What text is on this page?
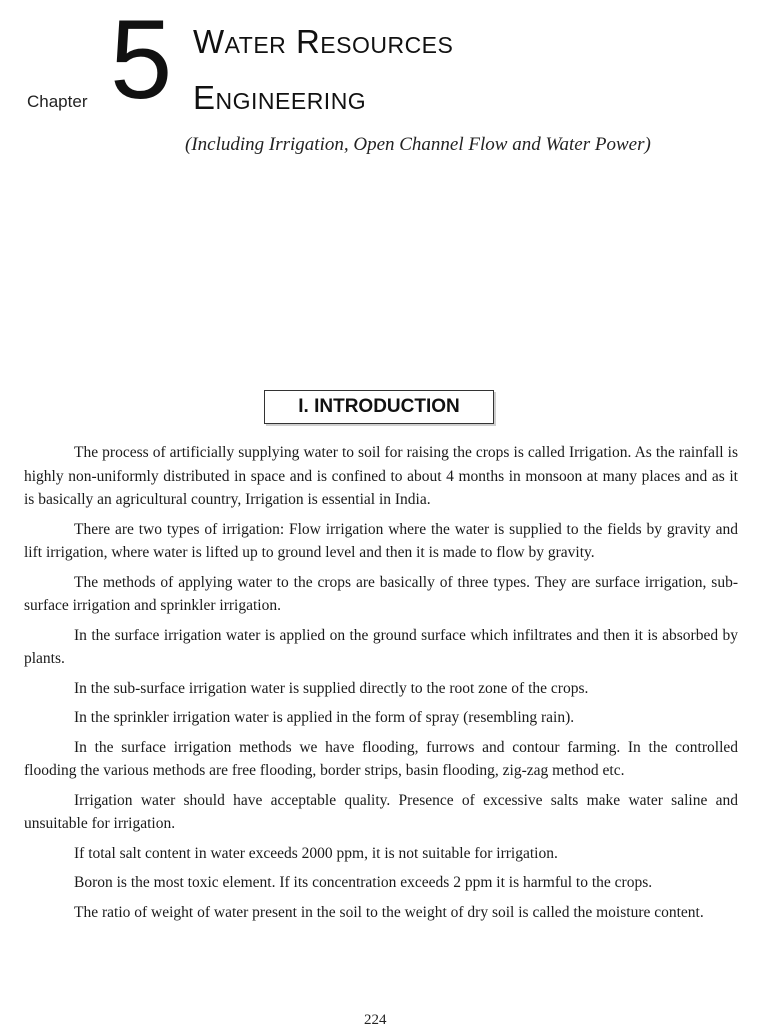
Chapter 5 Water Resources
Engineering
(Including Irrigation, Open Channel Flow and Water Power)
I. INTRODUCTION

The process of artificially supplying water to soil for raising the crops is called Irrigation. As the rainfall is highly non-uniformly distributed in space and is confined to about 4 months in monsoon at many places and as it is basically an agricultural country, Irrigation is essential in India.

There are two types of irrigation: Flow irrigation where the water is supplied to the fields by gravity and lift irrigation, where water is lifted up to ground level and then it is made to flow by gravity.

The methods of applying water to the crops are basically of three types. They are surface irrigation, sub-surface irrigation and sprinkler irrigation.

In the surface irrigation water is applied on the ground surface which infiltrates and then it is absorbed by plants.

In the sub-surface irrigation water is supplied directly to the root zone of the crops.

In the sprinkler irrigation water is applied in the form of spray (resembling rain).

In the surface irrigation methods we have flooding, furrows and contour farming. In the controlled flooding the various methods are free flooding, border strips, basin flooding, zig-zag method etc.

Irrigation water should have acceptable quality. Presence of excessive salts make water saline and unsuitable for irrigation.

If total salt content in water exceeds 2000 ppm, it is not suitable for irrigation.

Boron is the most toxic element. If its concentration exceeds 2 ppm it is harmful to the crops.

The ratio of weight of water present in the soil to the weight of dry soil is called the moisture content.

224
